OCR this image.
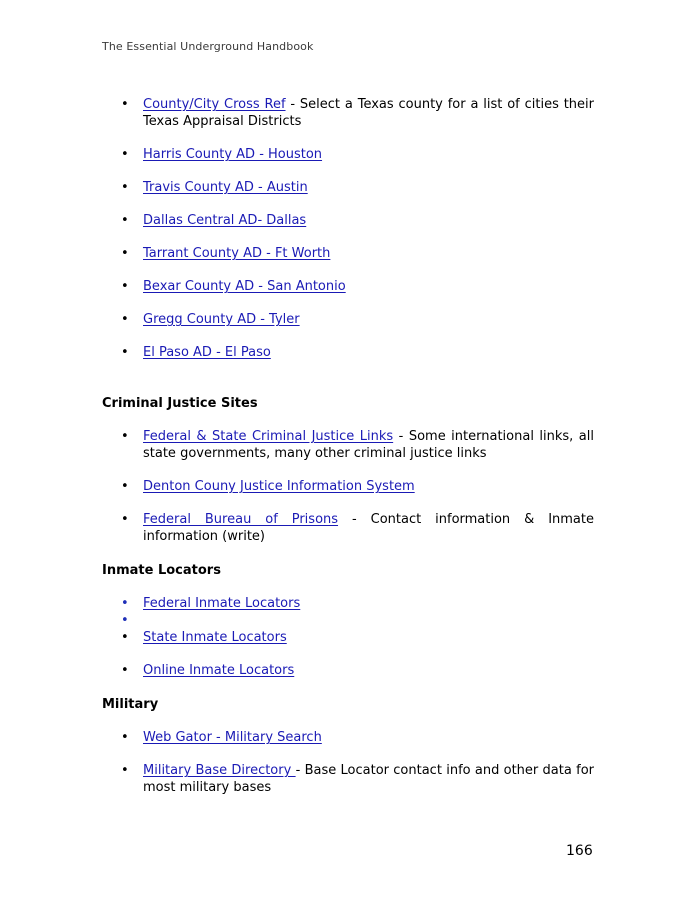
The Essential Underground Handbook
• County/City Cross Ref - Select a Texas county for a list of cities their Texas Appraisal Districts
• Harris County AD - Houston
• Travis County AD - Austin
• Dallas Central AD- Dallas
• Tarrant County AD - Ft Worth
• Bexar County AD - San Antonio
• Gregg County AD - Tyler
• El Paso AD - El Paso

Criminal Justice Sites

• Federal & State Criminal Justice Links - Some international links, all state governments, many other criminal justice links
• Denton Couny Justice Information System
• Federal Bureau of Prisons - Contact information & Inmate information (write)

Inmate Locators

• Federal Inmate Locators
•
• State Inmate Locators
• Online Inmate Locators

Military

• Web Gator - Military Search
• Military Base Directory - Base Locator contact info and other data for most military bases
166
